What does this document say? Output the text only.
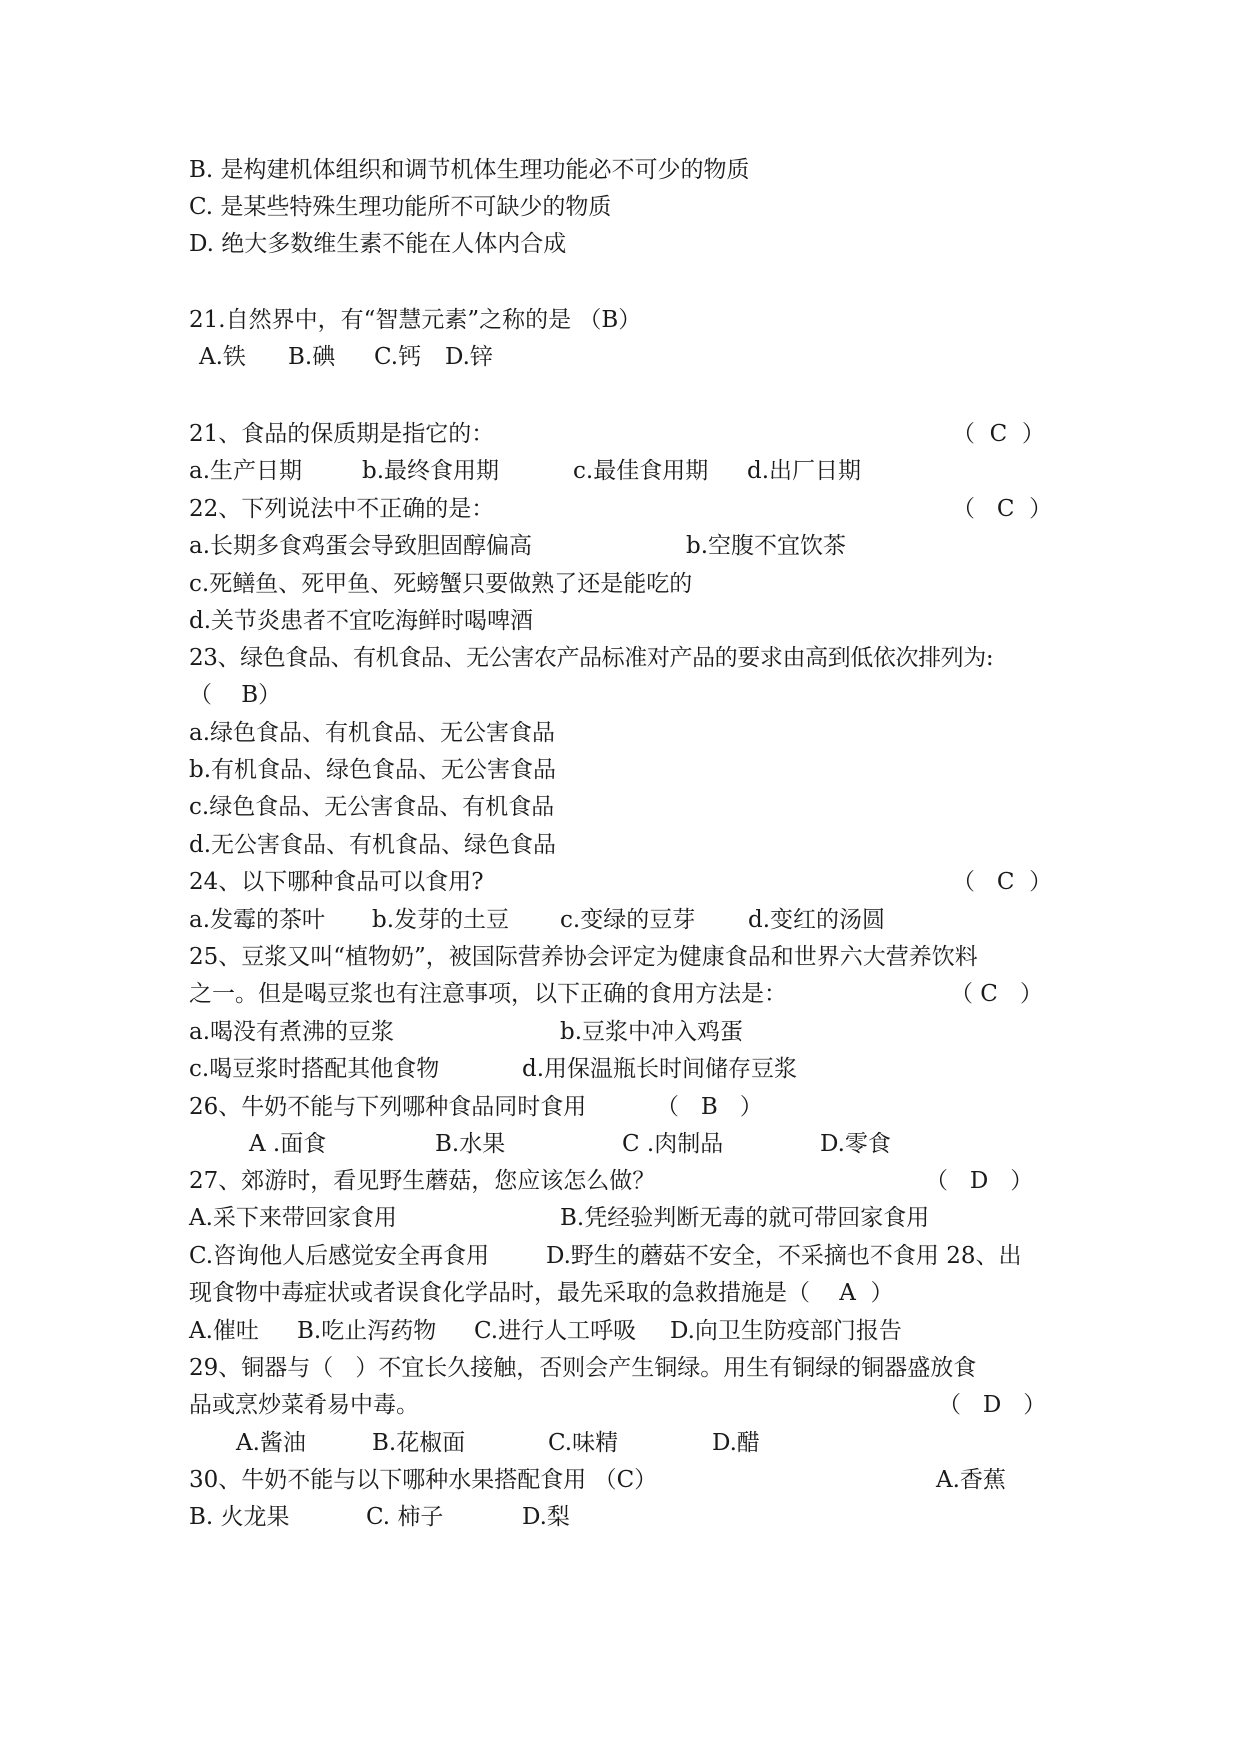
B. 是构建机体组织和调节机体生理功能必不可少的物质

C. 是某些特殊生理功能所不可缺少的物质

D. 绝大多数维生素不能在人体内合成

21.自然界中，有“智慧元素”之称的是 （B）

A.铁

B.碘

C.钙

D.锌

21、食品的保质期是指它的：

	（  C  ）

a.生产日期

	b.最终食用期

	c.最佳食用期

d.出厂日期

22、下列说法中不正确的是：

	（   C  ）

a.长期多食鸡蛋会导致胆固醇偏高

	b.空腹不宜饮茶

c.死鳝鱼、死甲鱼、死螃蟹只要做熟了还是能吃的

d.关节炎患者不宜吃海鲜时喝啤酒

23、绿色食品、有机食品、无公害农产品标准对产品的要求由高到低依次排列为:

（    B）

a.绿色食品、有机食品、无公害食品

b.有机食品、绿色食品、无公害食品

c.绿色食品、无公害食品、有机食品

d.无公害食品、有机食品、绿色食品

24、以下哪种食品可以食用?

	（   C  ）

a.发霉的茶叶

b.发芽的土豆

c.变绿的豆芽

d.变红的汤圆

25、豆浆又叫“植物奶”，被国际营养协会评定为健康食品和世界六大营养饮料

之一。但是喝豆浆也有注意事项，以下正确的食用方法是：

	（ C   ）

a.喝没有煮沸的豆浆

	b.豆浆中冲入鸡蛋

c.喝豆浆时搭配其他食物

	d.用保温瓶长时间储存豆浆

26、牛奶不能与下列哪种食品同时食用

	（   B   ）

A .面食

	B.水果

	C .肉制品

	D.零食

27、郊游时，看见野生蘑菇，您应该怎么做？

	（   D   ）

A.采下来带回家食用

	B.凭经验判断无毒的就可带回家食用

C.咨询他人后感觉安全再食用

D.野生的蘑菇不安全，不采摘也不食用 28、出

现食物中毒症状或者误食化学品时，最先采取的急救措施是（    A  ）

A.催吐

B.吃止泻药物

C.进行人工呼吸

D.向卫生防疫部门报告

29、铜器与（   ）不宜长久接触，否则会产生铜绿。用生有铜绿的铜器盛放食

品或烹炒菜肴易中毒。

	（   D   ）

A.酱油

	B.花椒面

	C.味精

	D.醋

30、牛奶不能与以下哪种水果搭配食用 （C）

	A.香蕉

B. 火龙果

	C. 柿子

	D.梨
